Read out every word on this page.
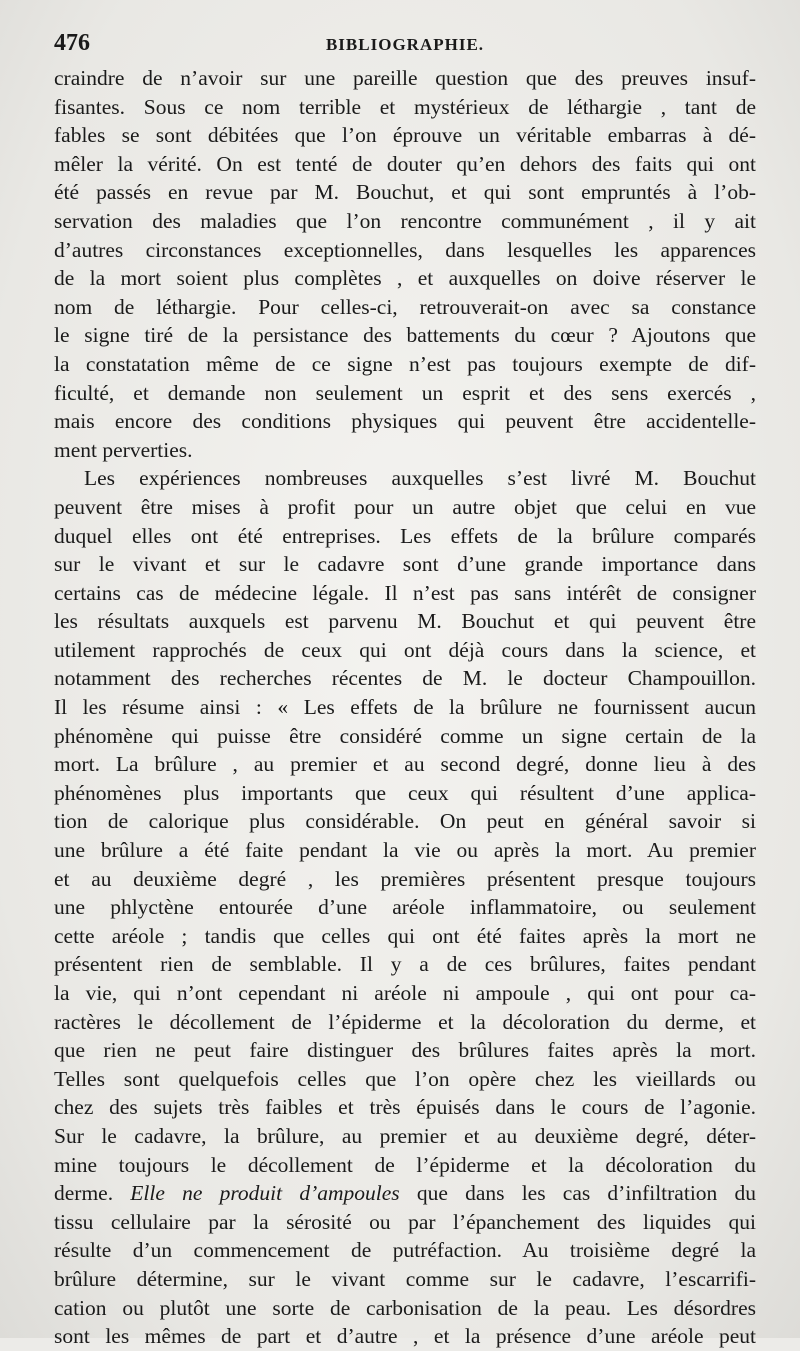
476	BIBLIOGRAPHIE.
craindre de n’avoir sur une pareille question que des preuves insuf-
fisantes. Sous ce nom terrible et mystérieux de léthargie , tant de
fables se sont débitées que l’on éprouve un véritable embarras à dé-
mêler la vérité. On est tenté de douter qu’en dehors des faits qui ont
été passés en revue par M. Bouchut, et qui sont empruntés à l’ob-
servation des maladies que l’on rencontre communément , il y ait
d’autres circonstances exceptionnelles, dans lesquelles les apparences
de la mort soient plus complètes , et auxquelles on doive réserver le
nom de léthargie. Pour celles-ci, retrouverait-on avec sa constance
le signe tiré de la persistance des battements du cœur ? Ajoutons que
la constatation même de ce signe n’est pas toujours exempte de dif-
ficulté, et demande non seulement un esprit et des sens exercés ,
mais encore des conditions physiques qui peuvent être accidentelle-
ment perverties.
Les expériences nombreuses auxquelles s’est livré M. Bouchut
peuvent être mises à profit pour un autre objet que celui en vue
duquel elles ont été entreprises. Les effets de la brûlure comparés
sur le vivant et sur le cadavre sont d’une grande importance dans
certains cas de médecine légale. Il n’est pas sans intérêt de consigner
les résultats auxquels est parvenu M. Bouchut et qui peuvent être
utilement rapprochés de ceux qui ont déjà cours dans la science, et
notamment des recherches récentes de M. le docteur Champouillon.
Il les résume ainsi : « Les effets de la brûlure ne fournissent aucun
phénomène qui puisse être considéré comme un signe certain de la
mort. La brûlure , au premier et au second degré, donne lieu à des
phénomènes plus importants que ceux qui résultent d’une applica-
tion de calorique plus considérable. On peut en général savoir si
une brûlure a été faite pendant la vie ou après la mort. Au premier
et au deuxième degré , les premières présentent presque toujours
une phlyctène entourée d’une aréole inflammatoire, ou seulement
cette aréole ; tandis que celles qui ont été faites après la mort ne
présentent rien de semblable. Il y a de ces brûlures, faites pendant
la vie, qui n’ont cependant ni aréole ni ampoule , qui ont pour ca-
ractères le décollement de l’épiderme et la décoloration du derme, et
que rien ne peut faire distinguer des brûlures faites après la mort.
Telles sont quelquefois celles que l’on opère chez les vieillards ou
chez des sujets très faibles et très épuisés dans le cours de l’agonie.
Sur le cadavre, la brûlure, au premier et au deuxième degré, déter-
mine toujours le décollement de l’épiderme et la décoloration du
derme. Elle ne produit d’ampoules que dans les cas d’infiltration du
tissu cellulaire par la sérosité ou par l’épanchement des liquides qui
résulte d’un commencement de putréfaction. Au troisième degré la
brûlure détermine, sur le vivant comme sur le cadavre, l’escarrifi-
cation ou plutôt une sorte de carbonisation de la peau. Les désordres
sont les mêmes de part et d’autre , et la présence d’une aréole peut
